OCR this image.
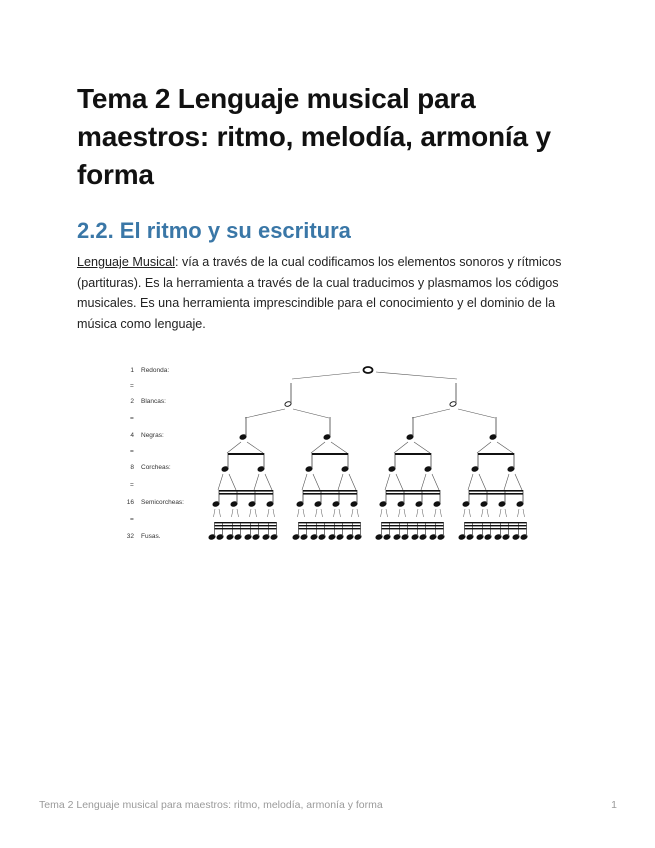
Tema 2 Lenguaje musical para maestros: ritmo, melodía, armonía y forma
2.2. El ritmo y su escritura

Lenguaje Musical: vía a través de la cual codificamos los elementos sonoros y rítmicos (partituras). Es la herramienta a través de la cual traducimos y plasmamos los códigos musicales. Es una herramienta imprescindible para el conocimiento y el dominio de la música como lenguaje.

1 Redonda:
=
2 Blancas:
=
4 Negras:
=
8 Corcheas:
=
16 Semicorcheas:
=
32 Fusas.
Tema 2 Lenguaje musical para maestros: ritmo, melodía, armonía y forma	1
